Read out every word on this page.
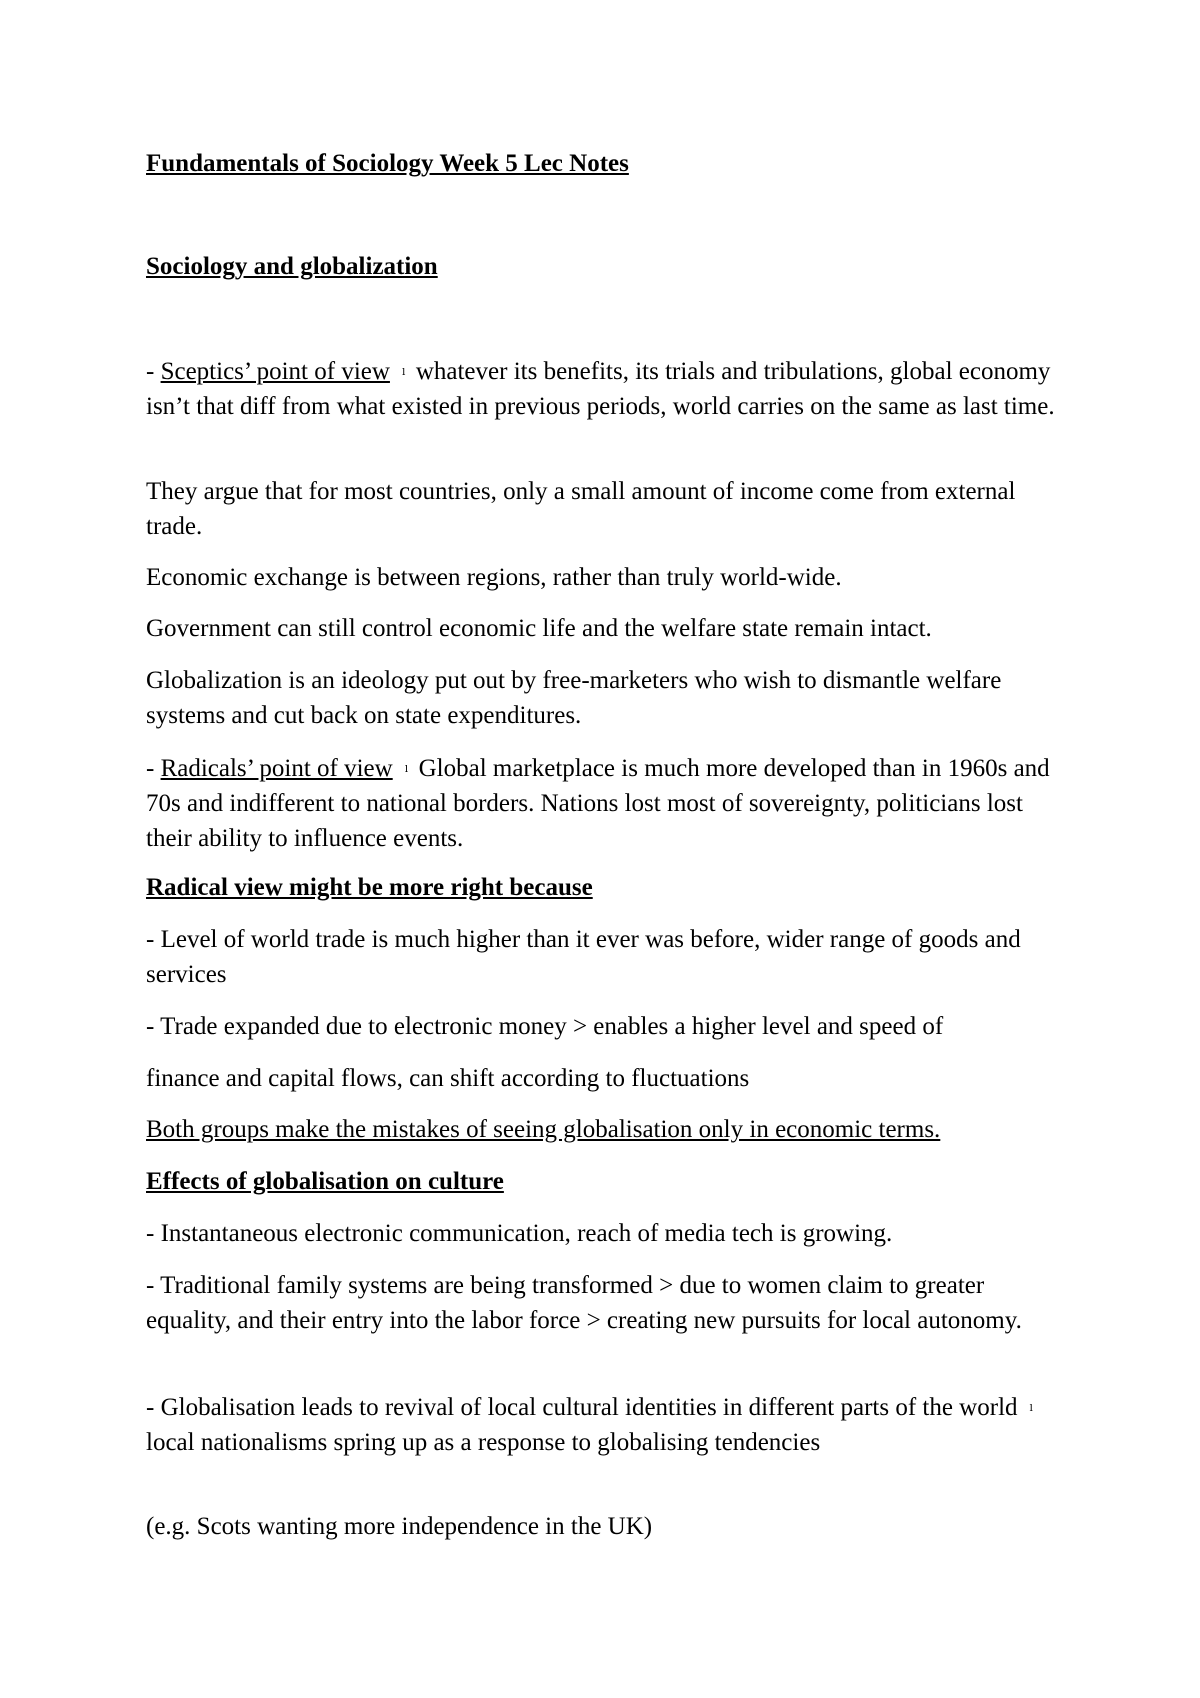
Fundamentals of Sociology Week 5 Lec Notes
Sociology and globalization

- Sceptics’ point of view ₗ whatever its benefits, its trials and tribulations, global economy isn’t that diff from what existed in previous periods, world carries on the same as last time.

They argue that for most countries, only a small amount of income come from external trade.

Economic exchange is between regions, rather than truly world-wide.

Government can still control economic life and the welfare state remain intact.

Globalization is an ideology put out by free-marketers who wish to dismantle welfare systems and cut back on state expenditures.

- Radicals’ point of view ₗ Global marketplace is much more developed than in 1960s and 70s and indifferent to national borders. Nations lost most of sovereignty, politicians lost their ability to influence events.

Radical view might be more right because

- Level of world trade is much higher than it ever was before, wider range of goods and services

- Trade expanded due to electronic money > enables a higher level and speed of

finance and capital flows, can shift according to fluctuations

Both groups make the mistakes of seeing globalisation only in economic terms.

Effects of globalisation on culture

- Instantaneous electronic communication, reach of media tech is growing.

- Traditional family systems are being transformed > due to women claim to greater equality, and their entry into the labor force > creating new pursuits for local autonomy.

- Globalisation leads to revival of local cultural identities in different parts of the world ₗlocal nationalisms spring up as a response to globalising tendencies

(e.g. Scots wanting more independence in the UK)
